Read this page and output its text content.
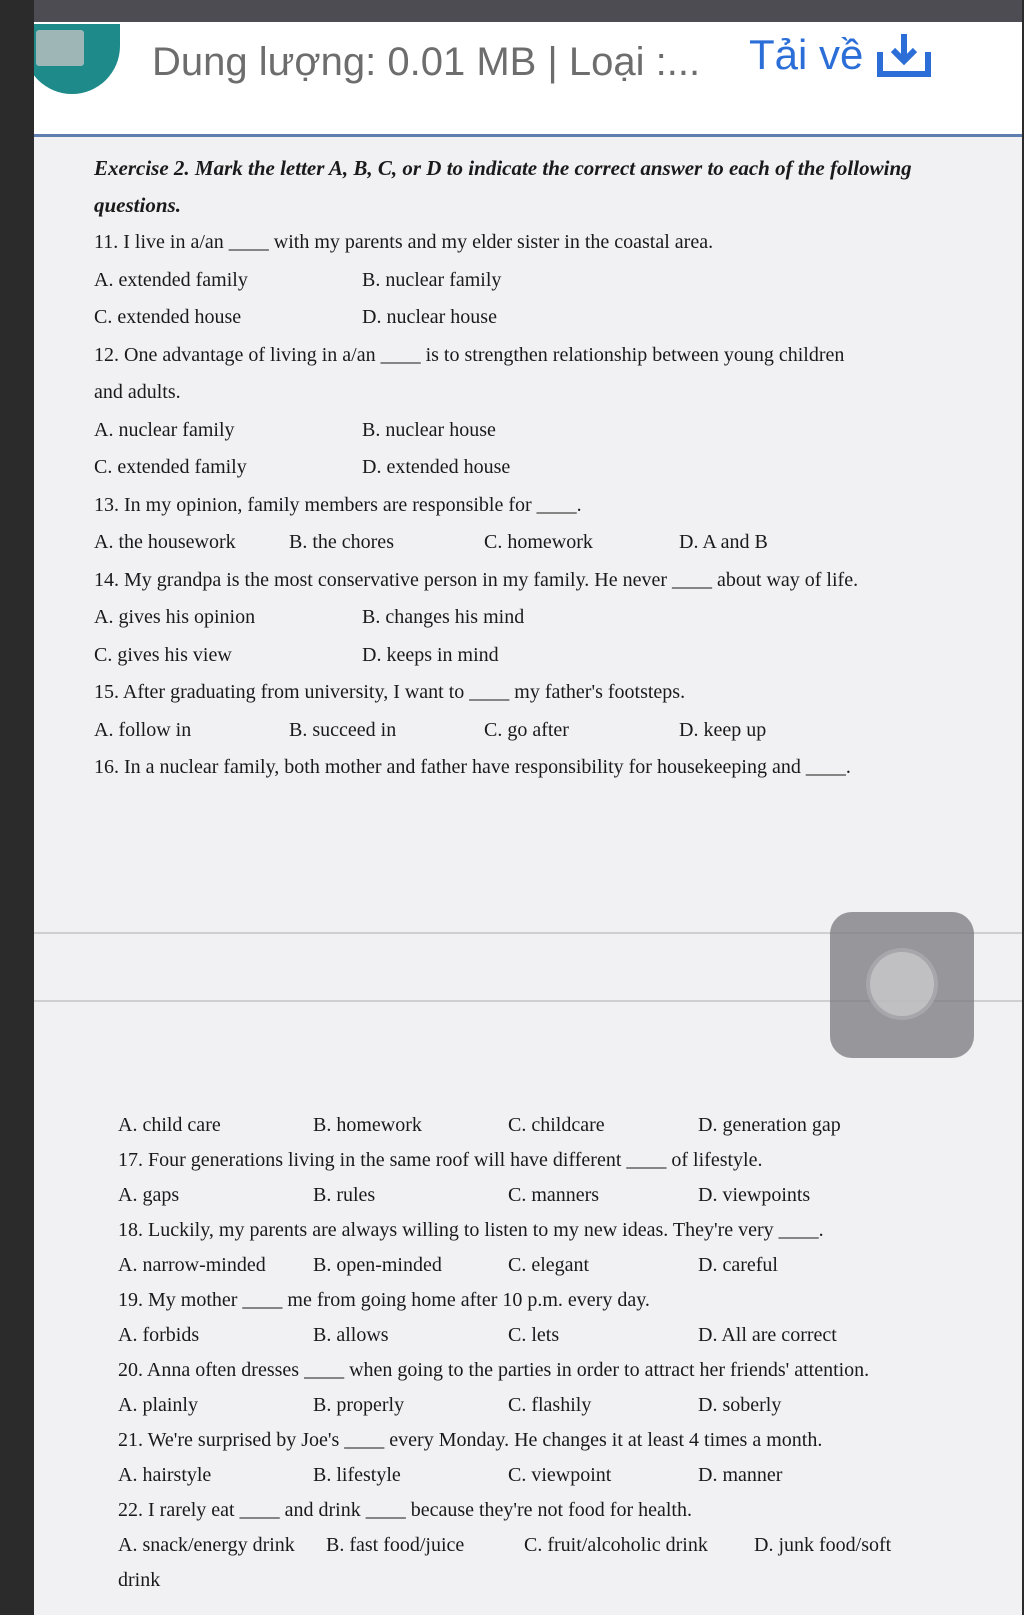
Dung lượng: 0.01 MB | Loại :... Tải về
Exercise 2. Mark the letter A, B, C, or D to indicate the correct answer to each of the following
questions.
11. I live in a/an ____ with my parents and my elder sister in the coastal area.
A. extended family	B. nuclear family
C. extended house	D. nuclear house
12. One advantage of living in a/an ____ is to strengthen relationship between young children
and adults.
A. nuclear family	B. nuclear house
C. extended family	D. extended house
13. In my opinion, family members are responsible for ____.
A. the housework	B. the chores	C. homework	D. A and B
14. My grandpa is the most conservative person in my family. He never ____ about way of life.
A. gives his opinion	B. changes his mind
C. gives his view	D. keeps in mind
15. After graduating from university, I want to ____ my father's footsteps.
A. follow in	B. succeed in	C. go after	D. keep up
16. In a nuclear family, both mother and father have responsibility for housekeeping and ____.
A. child care	B. homework	C. childcare	D. generation gap
17. Four generations living in the same roof will have different ____ of lifestyle.
A. gaps	B. rules	C. manners	D. viewpoints
18. Luckily, my parents are always willing to listen to my new ideas. They're very ____.
A. narrow-minded	B. open-minded	C. elegant	D. careful
19. My mother ____ me from going home after 10 p.m. every day.
A. forbids	B. allows	C. lets	D. All are correct
20. Anna often dresses ____ when going to the parties in order to attract her friends' attention.
A. plainly	B. properly	C. flashily	D. soberly
21. We're surprised by Joe's ____ every Monday. He changes it at least 4 times a month.
A. hairstyle	B. lifestyle	C. viewpoint	D. manner
22. I rarely eat ____ and drink ____ because they're not food for health.
A. snack/energy drink	B. fast food/juice	C. fruit/alcoholic drink	D. junk food/soft
drink
